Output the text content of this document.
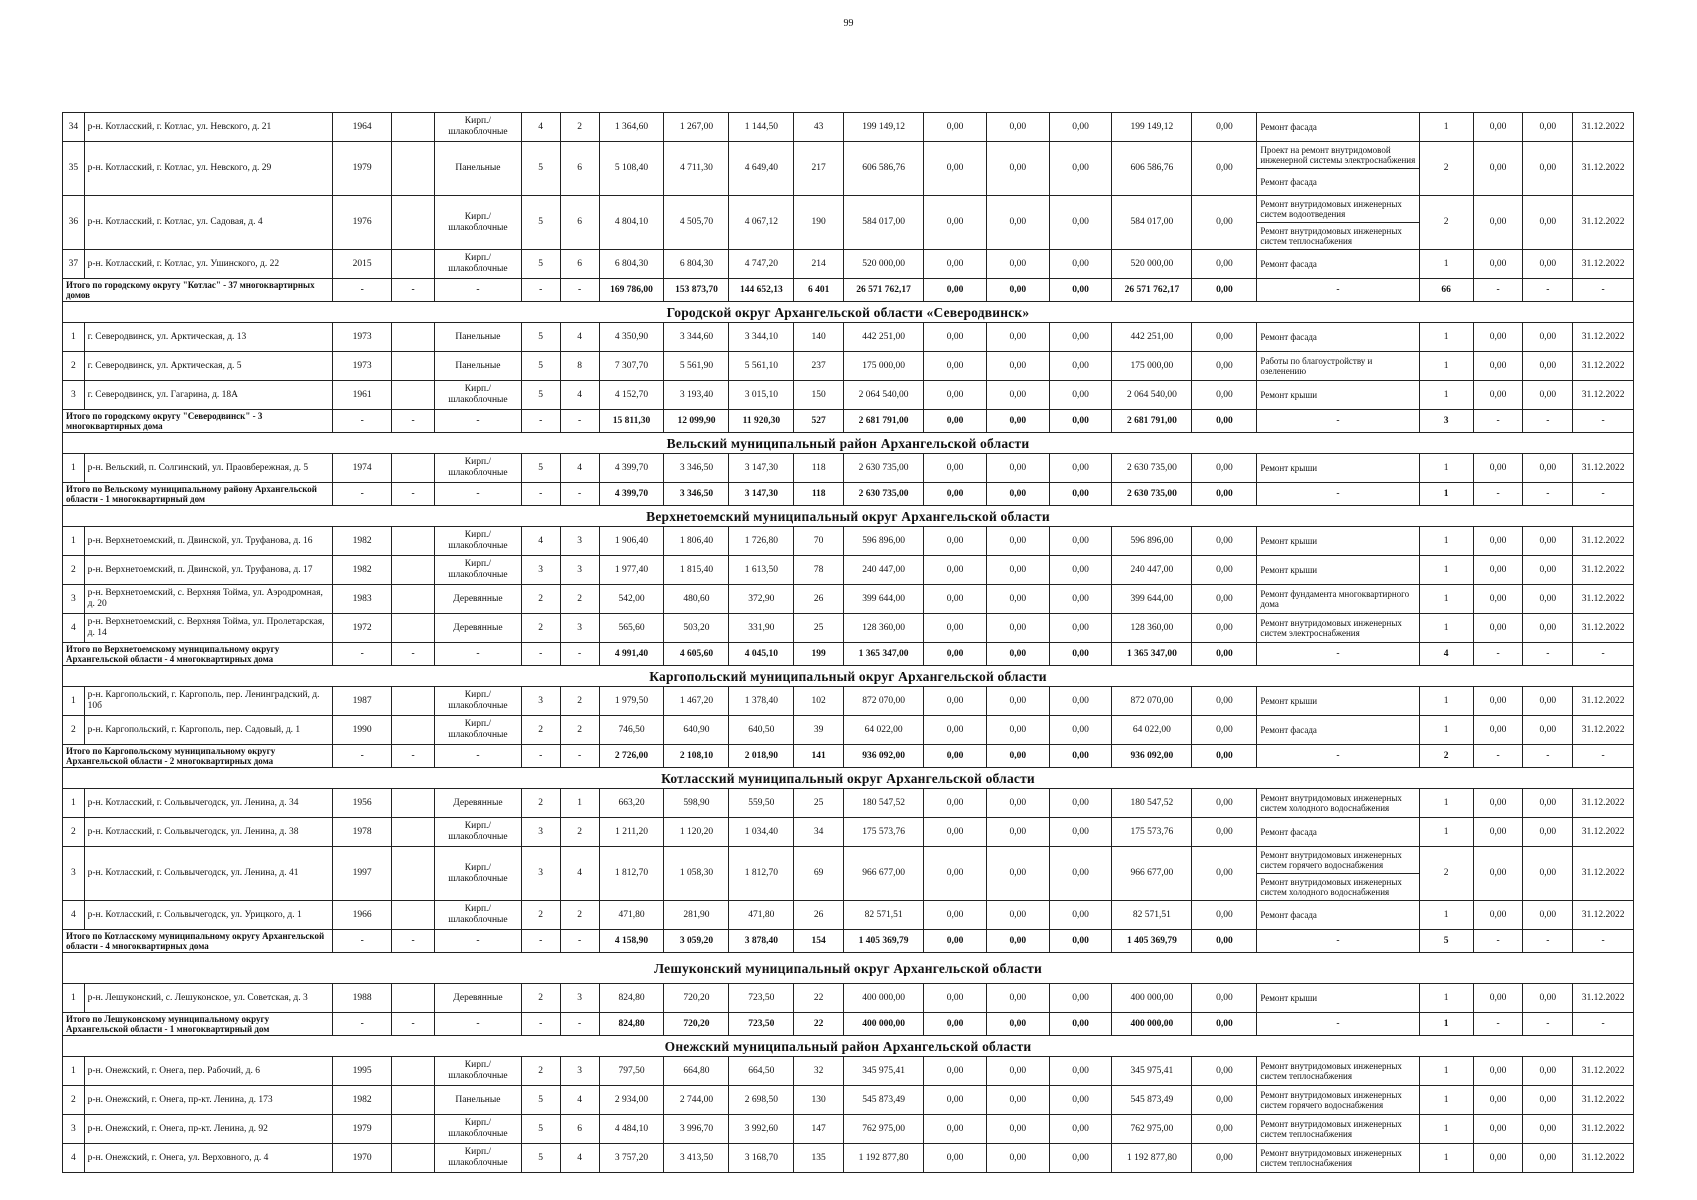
99
34	р-н. Котласский, г. Котлас, ул. Невского, д. 21	1964		Кирп./ шлакоблочные	4	2	1 364,60	1 267,00	1 144,50	43	199 149,12	0,00	0,00	0,00	199 149,12	0,00	Ремонт фасада	1	0,00	0,00	31.12.2022
35	р-н. Котласский, г. Котлас, ул. Невского, д. 29	1979		Панельные	5	6	5 108,40	4 711,30	4 649,40	217	606 586,76	0,00	0,00	0,00	606 586,76	0,00	Проект на ремонт внутридомовой инженерной системы электроснабжения	2	0,00	0,00	31.12.2022
																	Ремонт фасада				
36	р-н. Котласский, г. Котлас, ул. Садовая, д. 4	1976		Кирп./ шлакоблочные	5	6	4 804,10	4 505,70	4 067,12	190	584 017,00	0,00	0,00	0,00	584 017,00	0,00	Ремонт внутридомовых инженерных систем водоотведения	2	0,00	0,00	31.12.2022
																	Ремонт внутридомовых инженерных систем теплоснабжения				
37	р-н. Котласский, г. Котлас, ул. Ушинского, д. 22	2015		Кирп./ шлакоблочные	5	6	6 804,30	6 804,30	4 747,20	214	520 000,00	0,00	0,00	0,00	520 000,00	0,00	Ремонт фасада	1	0,00	0,00	31.12.2022
Итого по городскому округу "Котлас" - 37 многоквартирных домов		-	-	-	-	-	169 786,00	153 873,70	144 652,13	6 401	26 571 762,17	0,00	0,00	0,00	26 571 762,17	0,00	-	66	-	-	-
Городской округ Архангельской области «Северодвинск»																					
1	г. Северодвинск, ул. Арктическая, д. 13	1973		Панельные	5	4	4 350,90	3 344,60	3 344,10	140	442 251,00	0,00	0,00	0,00	442 251,00	0,00	Ремонт фасада	1	0,00	0,00	31.12.2022
2	г. Северодвинск, ул. Арктическая, д. 5	1973		Панельные	5	8	7 307,70	5 561,90	5 561,10	237	175 000,00	0,00	0,00	0,00	175 000,00	0,00	Работы по благоустройству и озеленению	1	0,00	0,00	31.12.2022
3	г. Северодвинск, ул. Гагарина, д. 18А	1961		Кирп./ шлакоблочные	5	4	4 152,70	3 193,40	3 015,10	150	2 064 540,00	0,00	0,00	0,00	2 064 540,00	0,00	Ремонт крыши	1	0,00	0,00	31.12.2022
Итого по городскому округу "Северодвинск" - 3 многоквартирных дома		-	-	-	-	-	15 811,30	12 099,90	11 920,30	527	2 681 791,00	0,00	0,00	0,00	2 681 791,00	0,00	-	3	-	-	-
Вельский муниципальный район Архангельской области																					
1	р-н. Вельский, п. Солгинский, ул. Праовбережная, д. 5	1974		Кирп./ шлакоблочные	5	4	4 399,70	3 346,50	3 147,30	118	2 630 735,00	0,00	0,00	0,00	2 630 735,00	0,00	Ремонт крыши	1	0,00	0,00	31.12.2022
Итого по Вельскому муниципальному району Архангельской области - 1 многоквартирный дом		-	-	-	-	-	4 399,70	3 346,50	3 147,30	118	2 630 735,00	0,00	0,00	0,00	2 630 735,00	0,00	-	1	-	-	-
Верхнетоемский муниципальный округ Архангельской области																					
1	р-н. Верхнетоемский, п. Двинской, ул. Труфанова, д. 16	1982		Кирп./ шлакоблочные	4	3	1 906,40	1 806,40	1 726,80	70	596 896,00	0,00	0,00	0,00	596 896,00	0,00	Ремонт крыши	1	0,00	0,00	31.12.2022
2	р-н. Верхнетоемский, п. Двинской, ул. Труфанова, д. 17	1982		Кирп./ шлакоблочные	3	3	1 977,40	1 815,40	1 613,50	78	240 447,00	0,00	0,00	0,00	240 447,00	0,00	Ремонт крыши	1	0,00	0,00	31.12.2022
3	р-н. Верхнетоемский, с. Верхняя Тойма, ул. Аэродромная, д. 20	1983		Деревянные	2	2	542,00	480,60	372,90	26	399 644,00	0,00	0,00	0,00	399 644,00	0,00	Ремонт фундамента многоквартирного дома	1	0,00	0,00	31.12.2022
4	р-н. Верхнетоемский, с. Верхняя Тойма, ул. Пролетарская, д. 14	1972		Деревянные	2	3	565,60	503,20	331,90	25	128 360,00	0,00	0,00	0,00	128 360,00	0,00	Ремонт внутридомовых инженерных систем электроснабжения	1	0,00	0,00	31.12.2022
Итого по Верхнетоемскому муниципальному округу Архангельской области - 4 многоквартирных дома		-	-	-	-	-	4 991,40	4 605,60	4 045,10	199	1 365 347,00	0,00	0,00	0,00	1 365 347,00	0,00	-	4	-	-	-
Каргопольский муниципальный округ Архангельской области																					
1	р-н. Каргопольский, г. Каргополь, пер. Ленинградский, д. 10б	1987		Кирп./ шлакоблочные	3	2	1 979,50	1 467,20	1 378,40	102	872 070,00	0,00	0,00	0,00	872 070,00	0,00	Ремонт крыши	1	0,00	0,00	31.12.2022
2	р-н. Каргопольский, г. Каргополь, пер. Садовый, д. 1	1990		Кирп./ шлакоблочные	2	2	746,50	640,90	640,50	39	64 022,00	0,00	0,00	0,00	64 022,00	0,00	Ремонт фасада	1	0,00	0,00	31.12.2022
Итого по Каргопольскому муниципальному округу Архангельской области - 2 многоквартирных дома		-	-	-	-	-	2 726,00	2 108,10	2 018,90	141	936 092,00	0,00	0,00	0,00	936 092,00	0,00	-	2	-	-	-
Котласский муниципальный округ Архангельской области																					
1	р-н. Котласский, г. Сольвычегодск, ул. Ленина, д. 34	1956		Деревянные	2	1	663,20	598,90	559,50	25	180 547,52	0,00	0,00	0,00	180 547,52	0,00	Ремонт внутридомовых инженерных систем холодного водоснабжения	1	0,00	0,00	31.12.2022
2	р-н. Котласский, г. Сольвычегодск, ул. Ленина, д. 38	1978		Кирп./ шлакоблочные	3	2	1 211,20	1 120,20	1 034,40	34	175 573,76	0,00	0,00	0,00	175 573,76	0,00	Ремонт фасада	1	0,00	0,00	31.12.2022
3	р-н. Котласский, г. Сольвычегодск, ул. Ленина, д. 41	1997		Кирп./ шлакоблочные	3	4	1 812,70	1 058,30	1 812,70	69	966 677,00	0,00	0,00	0,00	966 677,00	0,00	Ремонт внутридомовых инженерных систем горячего водоснабжения	2	0,00	0,00	31.12.2022
																	Ремонт внутридомовых инженерных систем холодного водоснабжения				
4	р-н. Котласский, г. Сольвычегодск, ул. Урицкого, д. 1	1966		Кирп./ шлакоблочные	2	2	471,80	281,90	471,80	26	82 571,51	0,00	0,00	0,00	82 571,51	0,00	Ремонт фасада	1	0,00	0,00	31.12.2022
Итого по Котласскому муниципальному округу Архангельской области - 4 многоквартирных дома		-	-	-	-	-	4 158,90	3 059,20	3 878,40	154	1 405 369,79	0,00	0,00	0,00	1 405 369,79	0,00	-	5	-	-	-
Лешуконский муниципальный округ Архангельской области																					
1	р-н. Лешуконский, с. Лешуконское, ул. Советская, д. 3	1988		Деревянные	2	3	824,80	720,20	723,50	22	400 000,00	0,00	0,00	0,00	400 000,00	0,00	Ремонт крыши	1	0,00	0,00	31.12.2022
Итого по Лешуконскому муниципальному округу Архангельской области - 1 многоквартирный дом		-	-	-	-	-	824,80	720,20	723,50	22	400 000,00	0,00	0,00	0,00	400 000,00	0,00	-	1	-	-	-
Онежский муниципальный район Архангельской области																					
1	р-н. Онежский, г. Онега, пер. Рабочий, д. 6	1995		Кирп./ шлакоблочные	2	3	797,50	664,80	664,50	32	345 975,41	0,00	0,00	0,00	345 975,41	0,00	Ремонт внутридомовых инженерных систем теплоснабжения	1	0,00	0,00	31.12.2022
2	р-н. Онежский, г. Онега, пр-кт. Ленина, д. 173	1982		Панельные	5	4	2 934,00	2 744,00	2 698,50	130	545 873,49	0,00	0,00	0,00	545 873,49	0,00	Ремонт внутридомовых инженерных систем горячего водоснабжения	1	0,00	0,00	31.12.2022
3	р-н. Онежский, г. Онега, пр-кт. Ленина, д. 92	1979		Кирп./ шлакоблочные	5	6	4 484,10	3 996,70	3 992,60	147	762 975,00	0,00	0,00	0,00	762 975,00	0,00	Ремонт внутридомовых инженерных систем теплоснабжения	1	0,00	0,00	31.12.2022
4	р-н. Онежский, г. Онега, ул. Верховного, д. 4	1970		Кирп./ шлакоблочные	5	4	3 757,20	3 413,50	3 168,70	135	1 192 877,80	0,00	0,00	0,00	1 192 877,80	0,00	Ремонт внутридомовых инженерных систем теплоснабжения	1	0,00	0,00	31.12.2022
